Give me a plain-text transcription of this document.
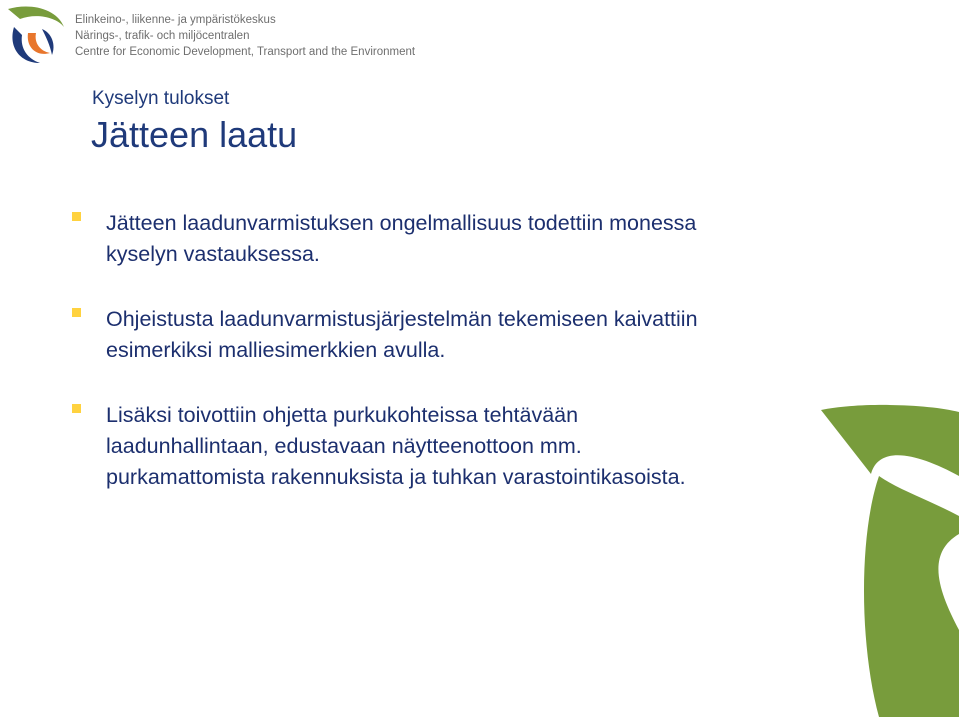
Elinkeino-, liikenne- ja ympäristökeskus
Närings-, trafik- och miljöcentralen
Centre for Economic Development, Transport and the Environment
Kyselyn tulokset
Jätteen laatu
Jätteen laadunvarmistuksen ongelmallisuus todettiin monessa
kyselyn vastauksessa.
Ohjeistusta laadunvarmistusjärjestelmän tekemiseen kaivattiin
esimerkiksi malliesimerkkien avulla.
Lisäksi toivottiin ohjetta purkukohteissa tehtävään
laadunhallintaan, edustavaan näytteenottoon mm.
purkamattomista rakennuksista ja tuhkan varastointikasoista.
